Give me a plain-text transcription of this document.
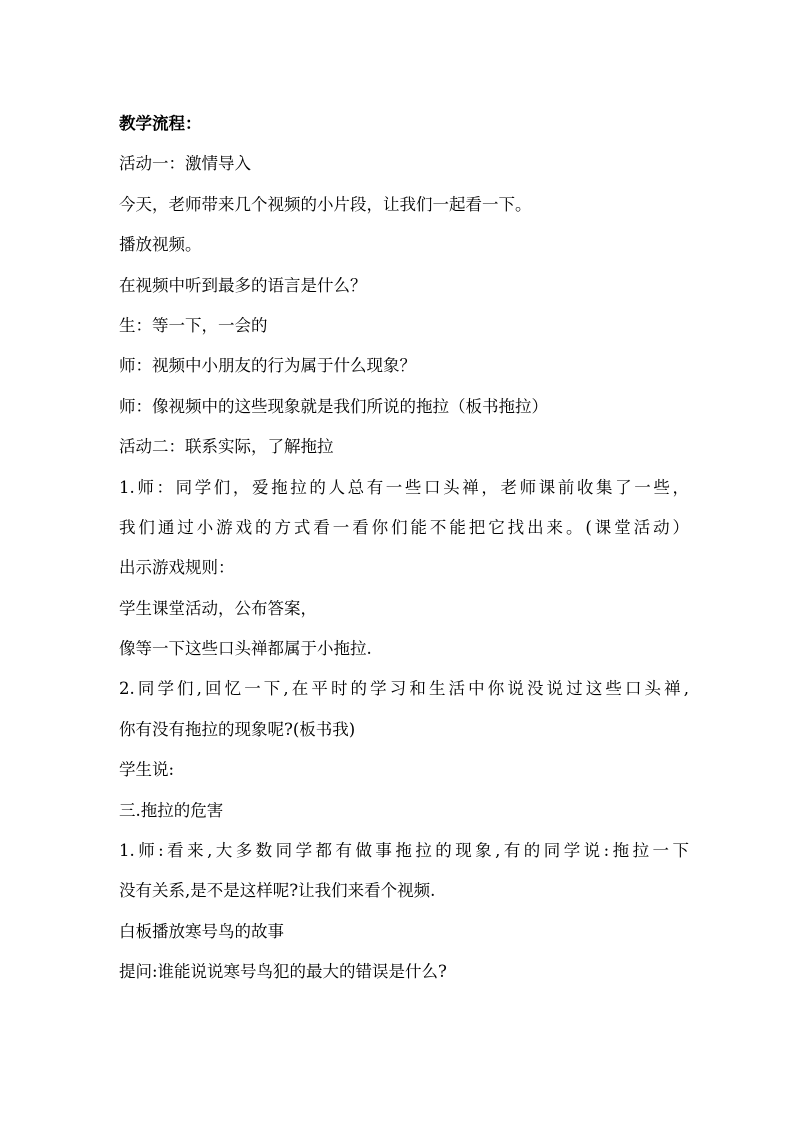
教学流程：
活动一：激情导入
今天，老师带来几个视频的小片段，让我们一起看一下。
播放视频。
在视频中听到最多的语言是什么？
生：等一下，一会的
师：视频中小朋友的行为属于什么现象？
师：像视频中的这些现象就是我们所说的拖拉（板书拖拉）
活动二：联系实际，了解拖拉
1.师：同学们，爱拖拉的人总有一些口头禅，老师课前收集了一些，
我们通过小游戏的方式看一看你们能不能把它找出来。(课堂活动）
出示游戏规则：
学生课堂活动，公布答案，
像等一下这些口头禅都属于小拖拉.
2.同学们,回忆一下,在平时的学习和生活中你说没说过这些口头禅,
你有没有拖拉的现象呢?(板书我)
学生说:
三.拖拉的危害
1.师:看来,大多数同学都有做事拖拉的现象,有的同学说:拖拉一下
没有关系,是不是这样呢?让我们来看个视频.
白板播放寒号鸟的故事
提问:谁能说说寒号鸟犯的最大的错误是什么?
